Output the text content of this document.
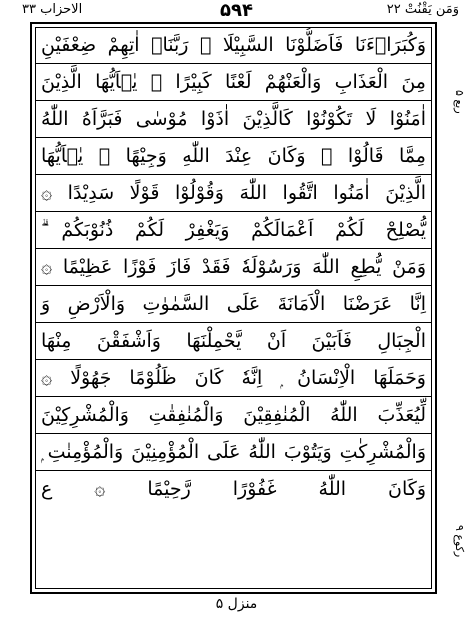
الاحزاب ٣٣	۵۹۴	وَمَن يَقْنُتْ ٢٢
وَكُبَرَاۤءَنَا فَاَضَلُّوْنَا السَّبِيْلَا ۞ رَبَّنَاۤ اٰتِهِمْ ضِعْفَيْنِ
مِنَ الْعَذَابِ وَالْعَنْهُمْ لَعْنًا كَبِيْرًا ۞ يٰۤاَيُّهَا الَّذِيْنَ
اٰمَنُوْا لَا تَكُوْنُوْا كَالَّذِيْنَ اٰذَوْا مُوْسٰى فَبَرَّاَهُ اللّٰهُ
مِمَّا قَالُوْا ۚ وَكَانَ عِنْدَ اللّٰهِ وَجِيْهًا ۞ يٰۤاَيُّهَا
الَّذِيْنَ اٰمَنُوا اتَّقُوا اللّٰهَ وَقُوْلُوْا قَوْلًا سَدِيْدًا ۞
يُّصْلِحْ لَكُمْ اَعْمَالَكُمْ وَيَغْفِرْ لَكُمْ ذُنُوْبَكُمْ ۗ
وَمَنْ يُّطِعِ اللّٰهَ وَرَسُوْلَهٗ فَقَدْ فَازَ فَوْزًا عَظِيْمًا ۞
اِنَّا عَرَضْنَا الْاَمَانَةَ عَلَى السَّمٰوٰتِ وَالْاَرْضِ وَ
الْجِبَالِ فَاَبَيْنَ اَنْ يَّحْمِلْنَهَا وَاَشْفَقْنَ مِنْهَا
وَحَمَلَهَا الْاِنْسَانُ ۭ اِنَّهٗ كَانَ ظَلُوْمًا جَهُوْلًا ۞
لِّيُعَذِّبَ اللّٰهُ الْمُنٰفِقِيْنَ وَالْمُنٰفِقٰتِ وَالْمُشْرِكِيْنَ
وَالْمُشْرِكٰتِ وَيَتُوْبَ اللّٰهُ عَلَى الْمُؤْمِنِيْنَ وَالْمُؤْمِنٰتِ ۭ
وَكَانَ اللّٰهُ غَفُوْرًا رَّحِيْمًا ۞ ع
ربع ۵
ركوع ۹
منزل ۵
